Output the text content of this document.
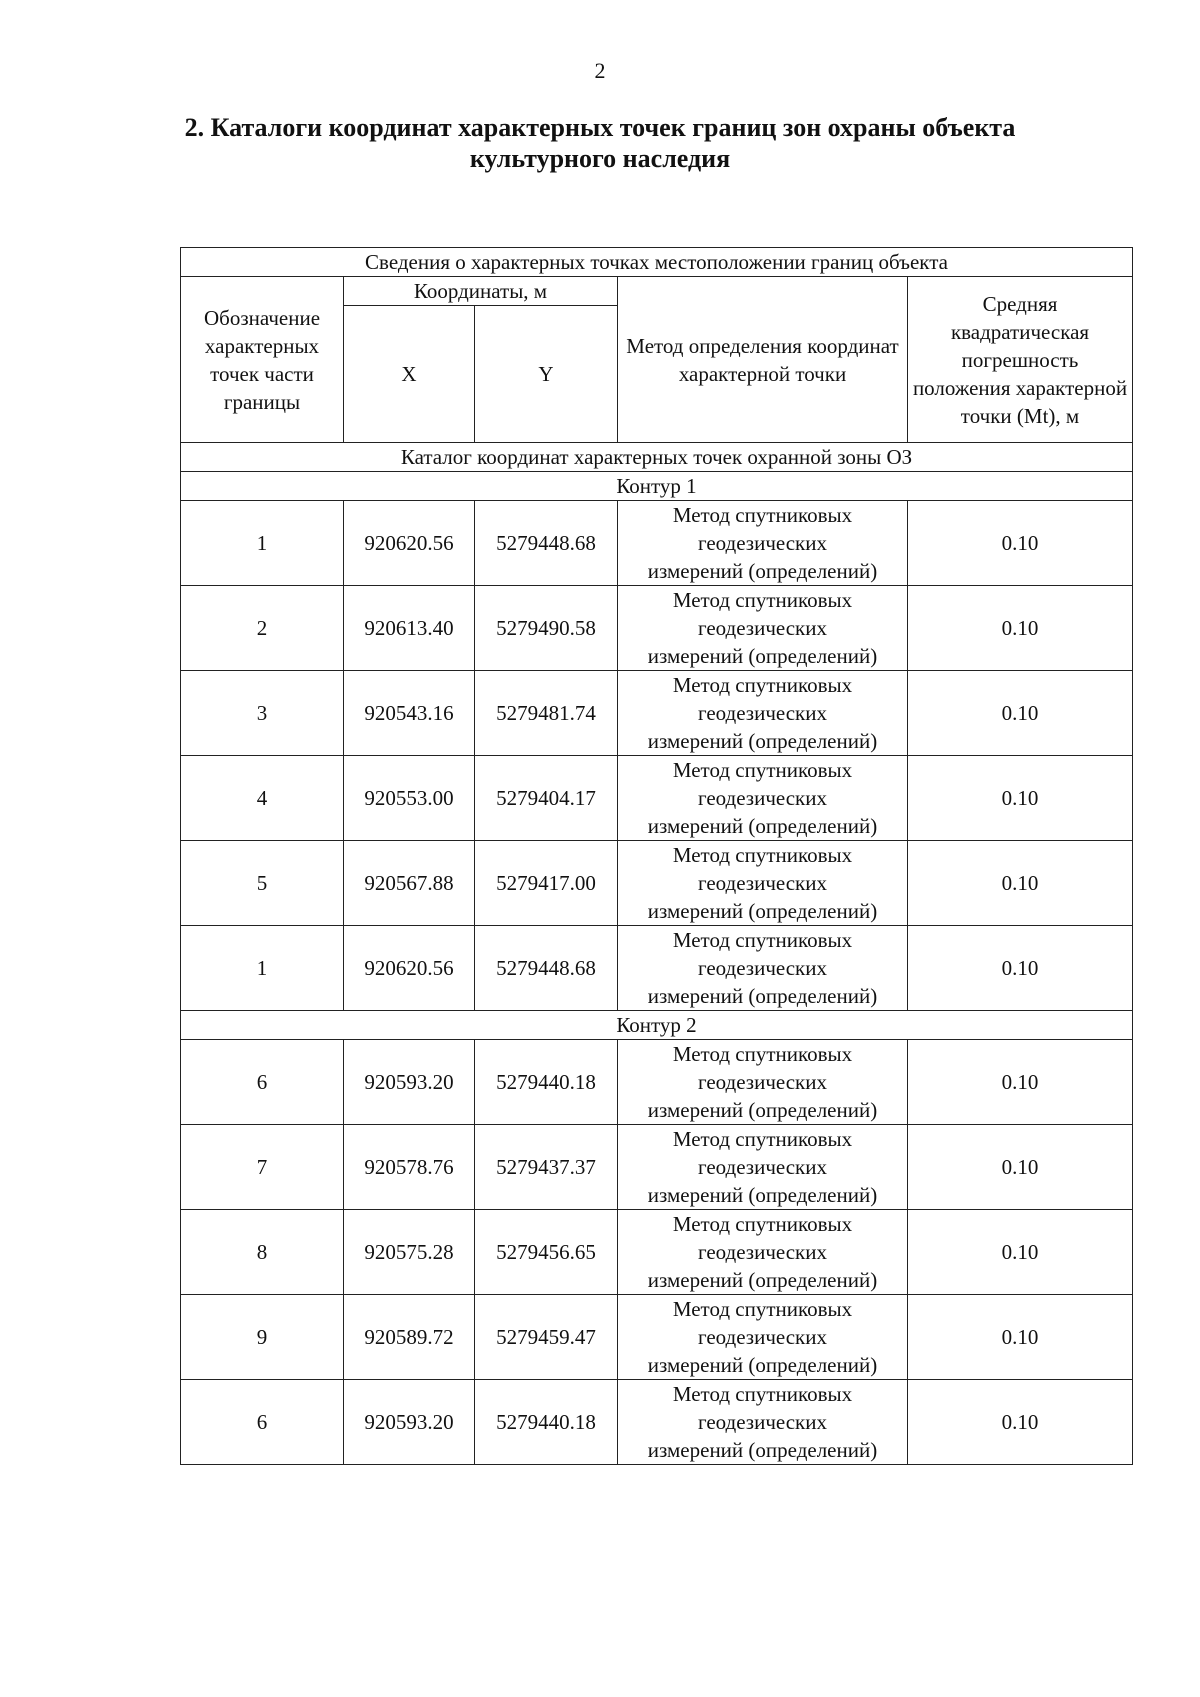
2
2. Каталоги координат характерных точек границ зон охраны объекта
культурного наследия
Сведения о характерных точках местоположении границ объекта				
Обозначение характерных точек части границы	Координаты, м		Метод определения координат характерной точки	Средняя квадратическая погрешность положения характерной точки (Mt), м
	X	Y		
Каталог координат характерных точек охранной зоны ОЗ				
Контур 1				
1	920620.56	5279448.68	Метод спутниковых
геодезических
измерений (определений)	0.10
2	920613.40	5279490.58	Метод спутниковых
геодезических
измерений (определений)	0.10
3	920543.16	5279481.74	Метод спутниковых
геодезических
измерений (определений)	0.10
4	920553.00	5279404.17	Метод спутниковых
геодезических
измерений (определений)	0.10
5	920567.88	5279417.00	Метод спутниковых
геодезических
измерений (определений)	0.10
1	920620.56	5279448.68	Метод спутниковых
геодезических
измерений (определений)	0.10
Контур 2				
6	920593.20	5279440.18	Метод спутниковых
геодезических
измерений (определений)	0.10
7	920578.76	5279437.37	Метод спутниковых
геодезических
измерений (определений)	0.10
8	920575.28	5279456.65	Метод спутниковых
геодезических
измерений (определений)	0.10
9	920589.72	5279459.47	Метод спутниковых
геодезических
измерений (определений)	0.10
6	920593.20	5279440.18	Метод спутниковых
геодезических
измерений (определений)	0.10
